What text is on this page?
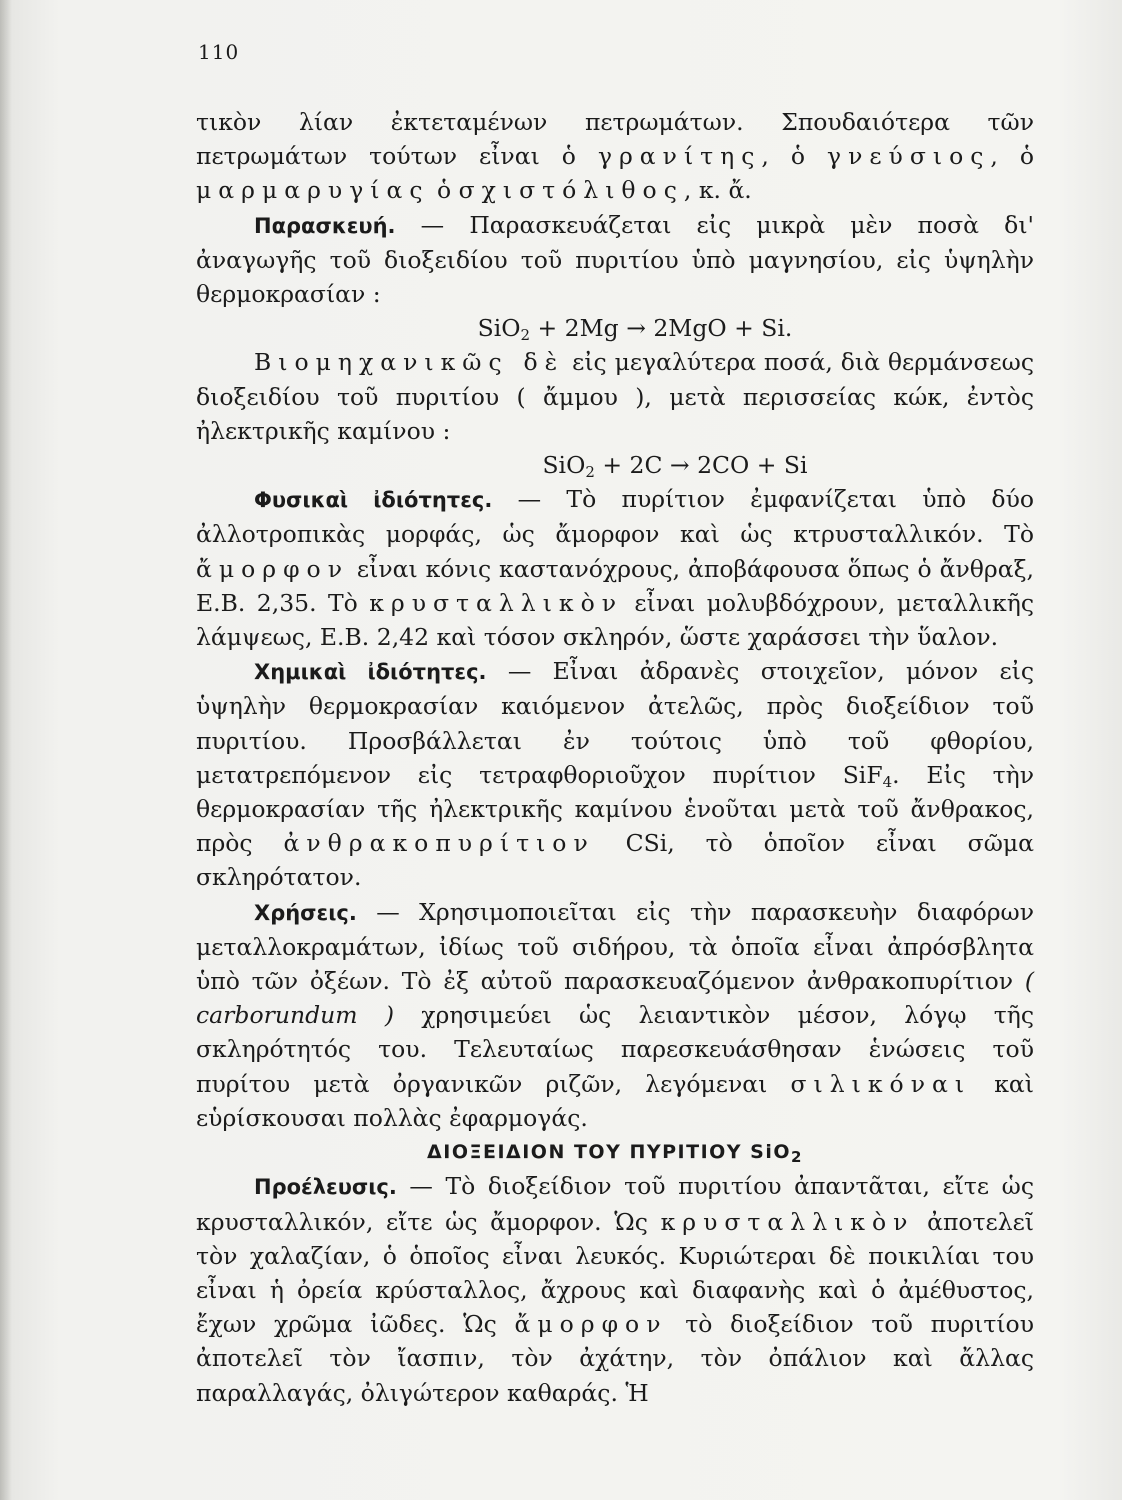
110

τικὸν λίαν ἐκτεταμένων πετρωμάτων. Σπουδαιότερα τῶν πετρωμάτων τούτων εἶναι ὁ γρανίτης, ὁ γνεύσιος, ὁ μαρμαρυγίας ὁ σχιστόλιθος, κ. ἄ.

Παρασκευή. — Παρασκευάζεται εἰς μικρὰ μὲν ποσὰ δι' ἀναγωγῆς τοῦ διοξειδίου τοῦ πυριτίου ὑπὸ μαγνησίου, εἰς ὑψηλὴν θερμοκρασίαν :

SiO$_2$ + 2Mg → 2MgO + Si.

Βιομηχανικῶς δὲ εἰς μεγαλύτερα ποσά, διὰ θερμάνσεως διοξειδίου τοῦ πυριτίου ( ἄμμου ), μετὰ περισσείας κώκ, ἐντὸς ἠλεκτρικῆς καμίνου :

SiO$_2$ + 2C → 2CO + Si

Φυσικαὶ ἰδιότητες. — Τὸ πυρίτιον ἐμφανίζεται ὑπὸ δύο ἀλλοτροπικὰς μορφάς, ὡς ἄμορφον καὶ ὡς κτρυσταλλικόν. Τὸ ἄμορφον εἶναι κόνις καστανόχρους, ἀποβάφουσα ὅπως ὁ ἄνθραξ, Ε.Β. 2,35. Τὸ κρυσταλλικὸν εἶναι μολυβδόχρουν, μεταλλικῆς λάμψεως, Ε.Β. 2,42 καὶ τόσον σκληρόν, ὥστε χαράσσει τὴν ὕαλον.

Χημικαὶ ἰδιότητες. — Εἶναι ἀδρανὲς στοιχεῖον, μόνον εἰς ὑψηλὴν θερμοκρασίαν καιόμενον ἀτελῶς, πρὸς διοξείδιον τοῦ πυριτίου. Προσβάλλεται ἐν τούτοις ὑπὸ τοῦ φθορίου, μετατρεπόμενον εἰς τετραφθοριοῦχον πυρίτιον SiF$_4$. Εἰς τὴν θερμοκρασίαν τῆς ἠλεκτρικῆς καμίνου ἑνοῦται μετὰ τοῦ ἄνθρακος, πρὸς ἀνθρακοπυρίτιον CSi, τὸ ὁποῖον εἶναι σῶμα σκληρότατον.

Χρήσεις. — Χρησιμοποιεῖται εἰς τὴν παρασκευὴν διαφόρων μεταλλοκραμάτων, ἰδίως τοῦ σιδήρου, τὰ ὁποῖα εἶναι ἀπρόσβλητα ὑπὸ τῶν ὀξέων. Τὸ ἐξ αὐτοῦ παρασκευαζόμενον ἀνθρακοπυρίτιον ( carborundum ) χρησιμεύει ὡς λειαντικὸν μέσον, λόγῳ τῆς σκληρότητός του. Τελευταίως παρεσκευάσθησαν ἑνώσεις τοῦ πυρίτου μετὰ ὀργανικῶν ριζῶν, λεγόμεναι σιλικόναι καὶ εὑρίσκουσαι πολλὰς ἐφαρμογάς.

ΔΙΟΞΕΙΔΙΟΝ ΤΟΥ ΠΥΡΙΤΙΟΥ SiO$_2$

Προέλευσις. — Τὸ διοξείδιον τοῦ πυριτίου ἀπαντᾶται, εἴτε ὡς κρυσταλλικόν, εἴτε ὡς ἄμορφον. Ὡς κρυσταλλικὸν ἀποτελεῖ τὸν χαλαζίαν, ὁ ὁποῖος εἶναι λευκός. Κυριώτεραι δὲ ποικιλίαι του εἶναι ἡ ὀρεία κρύσταλλος, ἄχρους καὶ διαφανὴς καὶ ὁ ἀμέθυστος, ἔχων χρῶμα ἰῶδες. Ὡς ἄμορφον τὸ διοξείδιον τοῦ πυριτίου ἀποτελεῖ τὸν ἴασπιν, τὸν ἀχάτην, τὸν ὀπάλιον καὶ ἄλλας παραλλαγάς, ὀλιγώτερον καθαράς. Ἡ
